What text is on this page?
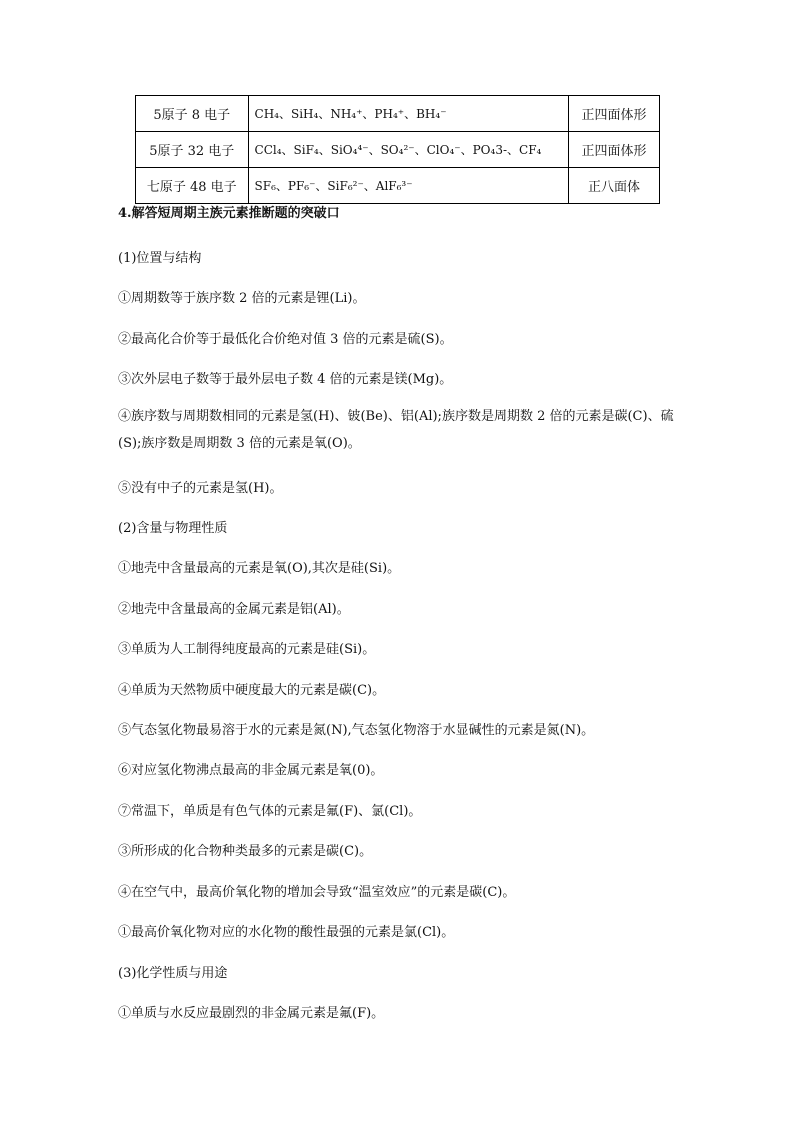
5原子 8 电子	CH₄、SiH₄、NH₄⁺、PH₄⁺、BH₄⁻	正四面体形
5原子 32 电子	CCl₄、SiF₄、SiO₄⁴⁻、SO₄²⁻、ClO₄⁻、PO₄3-、CF₄	正四面体形
七原子 48 电子	SF₆、PF₆⁻、SiF₆²⁻、AlF₆³⁻	正八面体
4.解答短周期主族元素推断题的突破口
(1)位置与结构
①周期数等于族序数 2 倍的元素是锂(Li)。
②最高化合价等于最低化合价绝对值 3 倍的元素是硫(S)。
③次外层电子数等于最外层电子数 4 倍的元素是镁(Mg)。
④族序数与周期数相同的元素是氢(H)、铍(Be)、铝(Al);族序数是周期数 2 倍的元素是碳(C)、硫(S);族序数是周期数 3 倍的元素是氧(O)。
⑤没有中子的元素是氢(H)。
(2)含量与物理性质
①地壳中含量最高的元素是氧(O),其次是硅(Si)。
②地壳中含量最高的金属元素是铝(Al)。
③单质为人工制得纯度最高的元素是硅(Si)。
④单质为天然物质中硬度最大的元素是碳(C)。
⑤气态氢化物最易溶于水的元素是氮(N),气态氢化物溶于水显碱性的元素是氮(N)。
⑥对应氢化物沸点最高的非金属元素是氧(0)。
⑦常温下，单质是有色气体的元素是氟(F)、氯(Cl)。
③所形成的化合物种类最多的元素是碳(C)。
④在空气中，最高价氧化物的增加会导致“温室效应”的元素是碳(C)。
①最高价氧化物对应的水化物的酸性最强的元素是氯(Cl)。
(3)化学性质与用途
①单质与水反应最剧烈的非金属元素是氟(F)。
